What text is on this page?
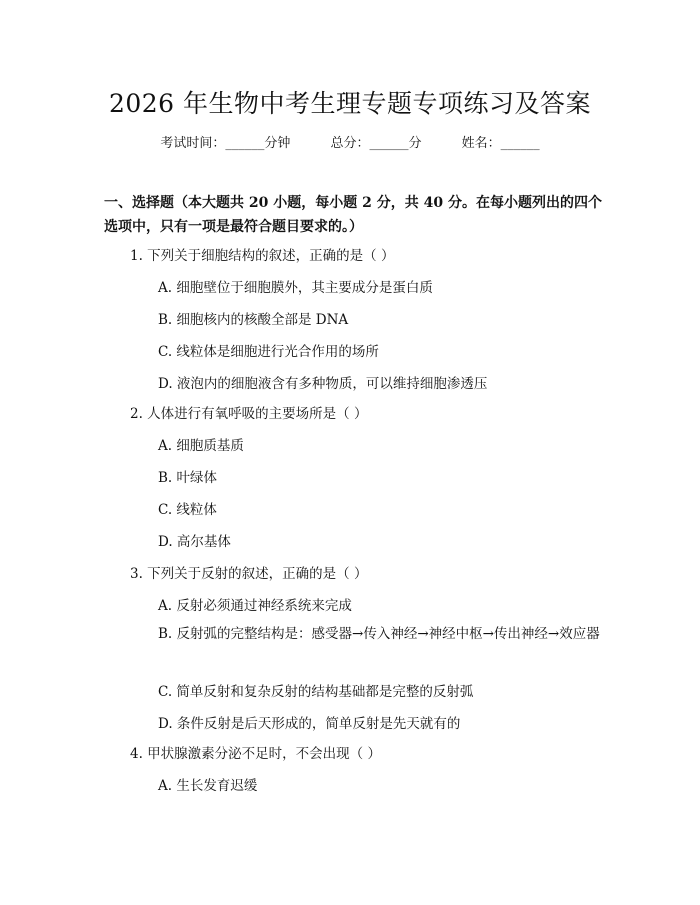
2026 年生物中考生理专题专项练习及答案
考试时间：______分钟	总分：______分	姓名：______
一、选择题（本大题共 20 小题，每小题 2 分，共 40 分。在每小题列出的四个选项中，只有一项是最符合题目要求的。）
1. 下列关于细胞结构的叙述，正确的是（ ）
A. 细胞壁位于细胞膜外，其主要成分是蛋白质
B. 细胞核内的核酸全部是 DNA
C. 线粒体是细胞进行光合作用的场所
D. 液泡内的细胞液含有多种物质，可以维持细胞渗透压
2. 人体进行有氧呼吸的主要场所是（ ）
A. 细胞质基质
B. 叶绿体
C. 线粒体
D. 高尔基体
3. 下列关于反射的叙述，正确的是（ ）
A. 反射必须通过神经系统来完成
B. 反射弧的完整结构是：感受器→传入神经→神经中枢→传出神经→效应器
C. 简单反射和复杂反射的结构基础都是完整的反射弧
D. 条件反射是后天形成的，简单反射是先天就有的
4. 甲状腺激素分泌不足时，不会出现（ ）
A. 生长发育迟缓
